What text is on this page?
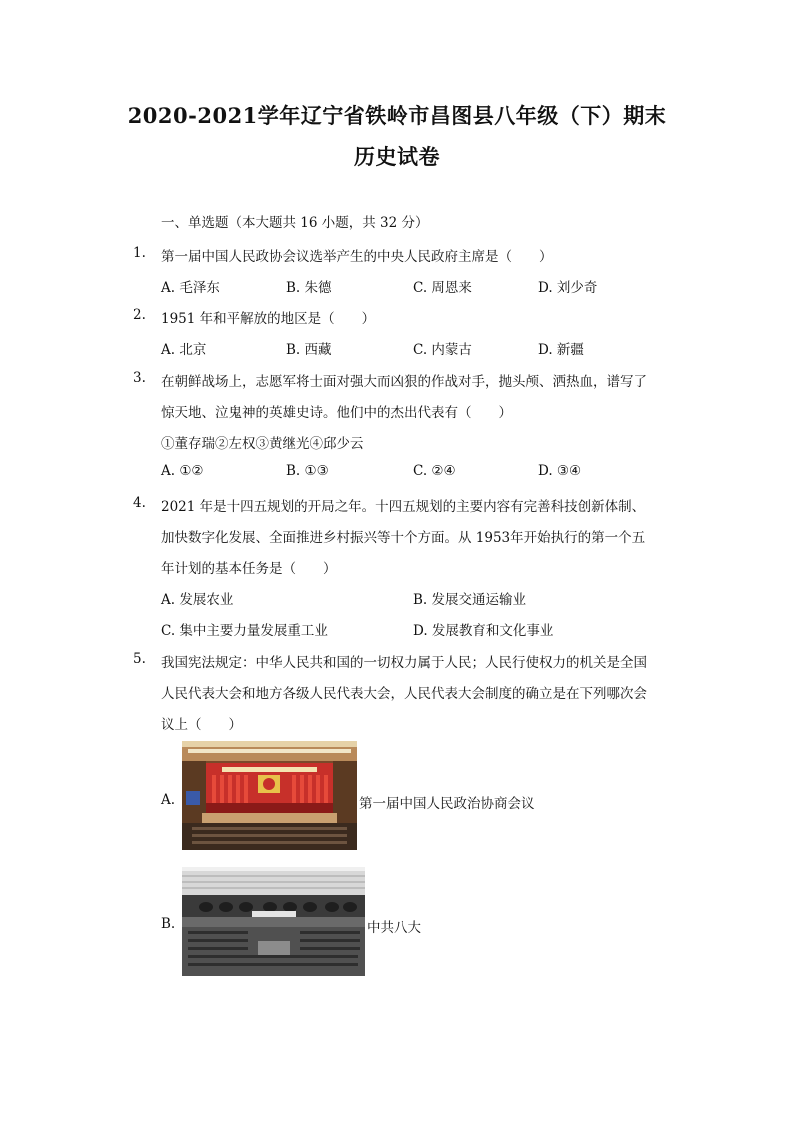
2020-2021学年辽宁省铁岭市昌图县八年级（下）期末
历史试卷
一、单选题（本大题共 16 小题，共 32 分）
1. 第一届中国人民政协会议选举产生的中央人民政府主席是（　　）
A. 毛泽东	B. 朱德	C. 周恩来	D. 刘少奇
2. 1951 年和平解放的地区是（　　）
A. 北京	B. 西藏	C. 内蒙古	D. 新疆
3. 在朝鲜战场上，志愿军将士面对强大而凶狠的作战对手，抛头颅、洒热血，谱写了
惊天地、泣鬼神的英雄史诗。他们中的杰出代表有（　　）
①董存瑞②左权③黄继光④邱少云
A. ①②	B. ①③	C. ②④	D. ③④
4. 2021 年是十四五规划的开局之年。十四五规划的主要内容有完善科技创新体制、
加快数字化发展、全面推进乡村振兴等十个方面。从 1953年开始执行的第一个五
年计划的基本任务是（　　）
A. 发展农业	B. 发展交通运输业
C. 集中主要力量发展重工业	D. 发展教育和文化事业
5. 我国宪法规定：中华人民共和国的一切权力属于人民；人民行使权力的机关是全国
人民代表大会和地方各级人民代表大会，人民代表大会制度的确立是在下列哪次会
议上（　　）
A.	第一届中国人民政治协商会议
B.	中共八大
